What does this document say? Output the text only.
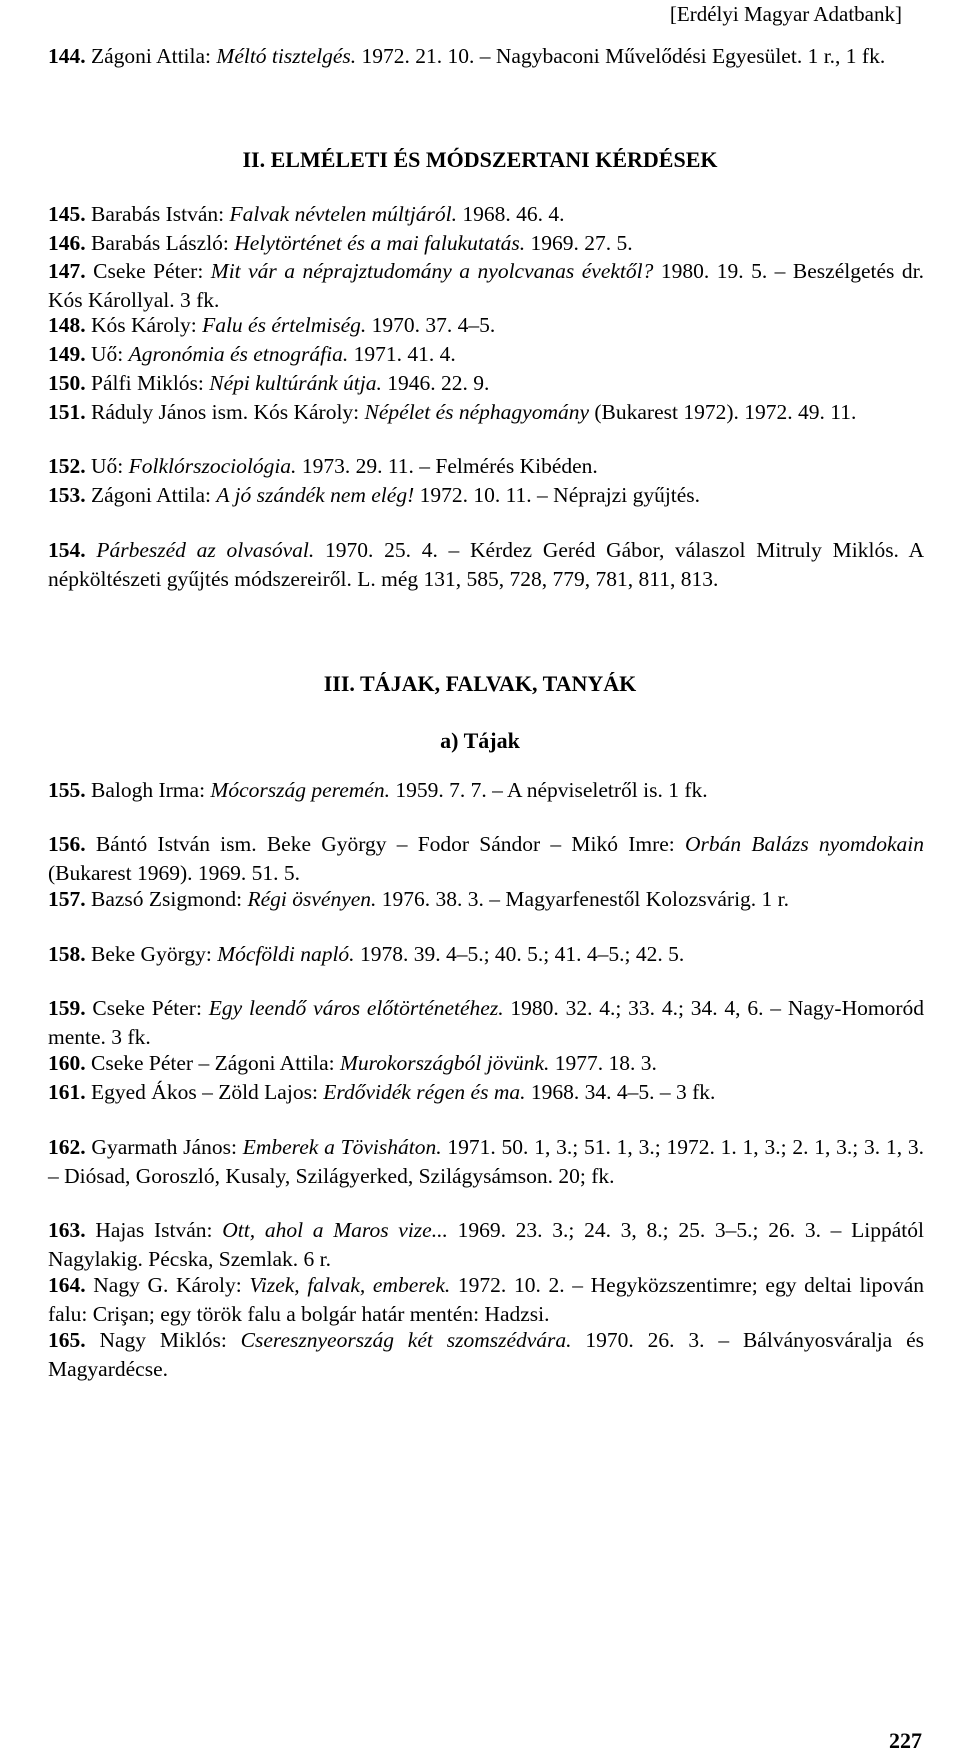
[Erdélyi Magyar Adatbank]
II. ELMÉLETI ÉS MÓDSZERTANI KÉRDÉSEK
III. TÁJAK, FALVAK, TANYÁK
a) Tájak
144. Zágoni Attila: Méltó tisztelgés. 1972. 21. 10. – Nagybaconi Művelődési Egyesület. 1 r., 1 fk.
145. Barabás István: Falvak névtelen múltjáról. 1968. 46. 4.
146. Barabás László: Helytörténet és a mai falukutatás. 1969. 27. 5.
147. Cseke Péter: Mit vár a néprajztudomány a nyolcvanas évektől? 1980. 19. 5. – Beszélgetés dr. Kós Károllyal. 3 fk.
148. Kós Károly: Falu és értelmiség. 1970. 37. 4–5.
149. Uő: Agronómia és etnográfia. 1971. 41. 4.
150. Pálfi Miklós: Népi kultúránk útja. 1946. 22. 9.
151. Ráduly János ism. Kós Károly: Népélet és néphagyomány (Bukarest 1972). 1972. 49. 11.
152. Uő: Folklórszociológia. 1973. 29. 11. – Felmérés Kibéden.
153. Zágoni Attila: A jó szándék nem elég! 1972. 10. 11. – Néprajzi gyűjtés.
154. Párbeszéd az olvasóval. 1970. 25. 4. – Kérdez Geréd Gábor, válaszol Mitruly Miklós. A népköltészeti gyűjtés módszereiről. L. még 131, 585, 728, 779, 781, 811, 813.
155. Balogh Irma: Mócország peremén. 1959. 7. 7. – A népviseletről is. 1 fk.
156. Bántó István ism. Beke György – Fodor Sándor – Mikó Imre: Orbán Balázs nyomdokain (Bukarest 1969). 1969. 51. 5.
157. Bazsó Zsigmond: Régi ösvényen. 1976. 38. 3. – Magyarfenestől Kolozsvárig. 1 r.
158. Beke György: Mócföldi napló. 1978. 39. 4–5.; 40. 5.; 41. 4–5.; 42. 5.
159. Cseke Péter: Egy leendő város előtörténetéhez. 1980. 32. 4.; 33. 4.; 34. 4, 6. – Nagy-Homoród mente. 3 fk.
160. Cseke Péter – Zágoni Attila: Murokországból jövünk. 1977. 18. 3.
161. Egyed Ákos – Zöld Lajos: Erdővidék régen és ma. 1968. 34. 4–5. – 3 fk.
162. Gyarmath János: Emberek a Tövisháton. 1971. 50. 1, 3.; 51. 1, 3.; 1972. 1. 1, 3.; 2. 1, 3.; 3. 1, 3. – Diósad, Goroszló, Kusaly, Szilágyerked, Szilágysámson. 20; fk.
163. Hajas István: Ott, ahol a Maros vize... 1969. 23. 3.; 24. 3, 8.; 25. 3–5.; 26. 3. – Lippától Nagylakig. Pécska, Szemlak. 6 r.
164. Nagy G. Károly: Vizek, falvak, emberek. 1972. 10. 2. – Hegyközszentimre; egy deltai lipován falu: Crişan; egy török falu a bolgár határ mentén: Hadzsi.
165. Nagy Miklós: Cseresznyeország két szomszédvára. 1970. 26. 3. – Bálványosváralja és Magyardécse.
227
